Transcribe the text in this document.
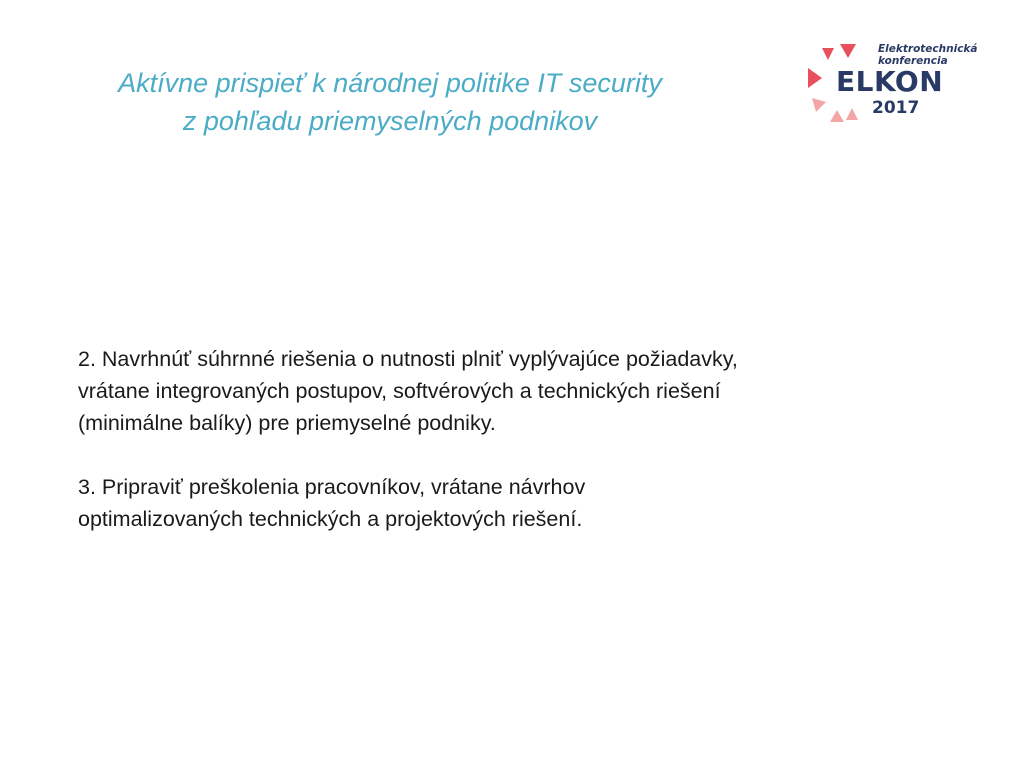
Aktívne prispieť k národnej politike IT security
z pohľadu priemyselných podnikov
Elektrotechnická
konferencia
ELKON
2017

2. Navrhnúť súhrnné riešenia o nutnosti plniť vyplývajúce požiadavky,
vrátane integrovaných postupov, softvérových a technických riešení
(minimálne balíky) pre priemyselné podniky.

3. Pripraviť preškolenia pracovníkov, vrátane návrhov
optimalizovaných technických a projektových riešení.
